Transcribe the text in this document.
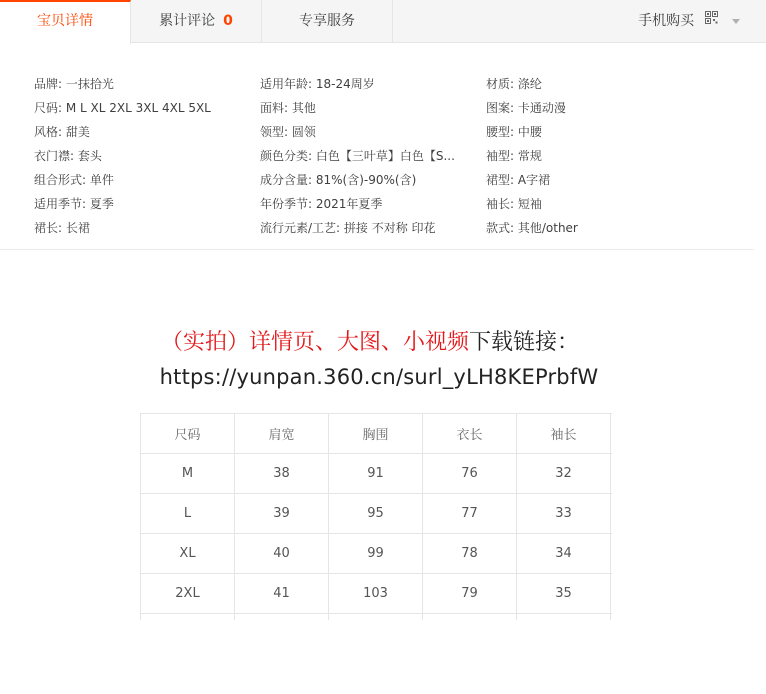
宝贝详情	累计评论 0	专享服务	手机购买
品牌: 一抹拾光	适用年龄: 18-24周岁	材质: 涤纶
尺码: M L XL 2XL 3XL 4XL 5XL	面料: 其他	图案: 卡通动漫
风格: 甜美	领型: 圆领	腰型: 中腰
衣门襟: 套头	颜色分类: 白色【三叶草】白色【S...	袖型: 常规
组合形式: 单件	成分含量: 81%(含)-90%(含)	裙型: A字裙
适用季节: 夏季	年份季节: 2021年夏季	袖长: 短袖
裙长: 长裙	流行元素/工艺: 拼接 不对称 印花	款式: 其他/other
（实拍）详情页、大图、小视频下载链接：
https://yunpan.360.cn/surl_yLH8KEPrbfW
尺码	肩宽	胸围	衣长	袖长	
M	38	91	76	32	
L	39	95	77	33	
XL	40	99	78	34	
2XL	41	103	79	35	
